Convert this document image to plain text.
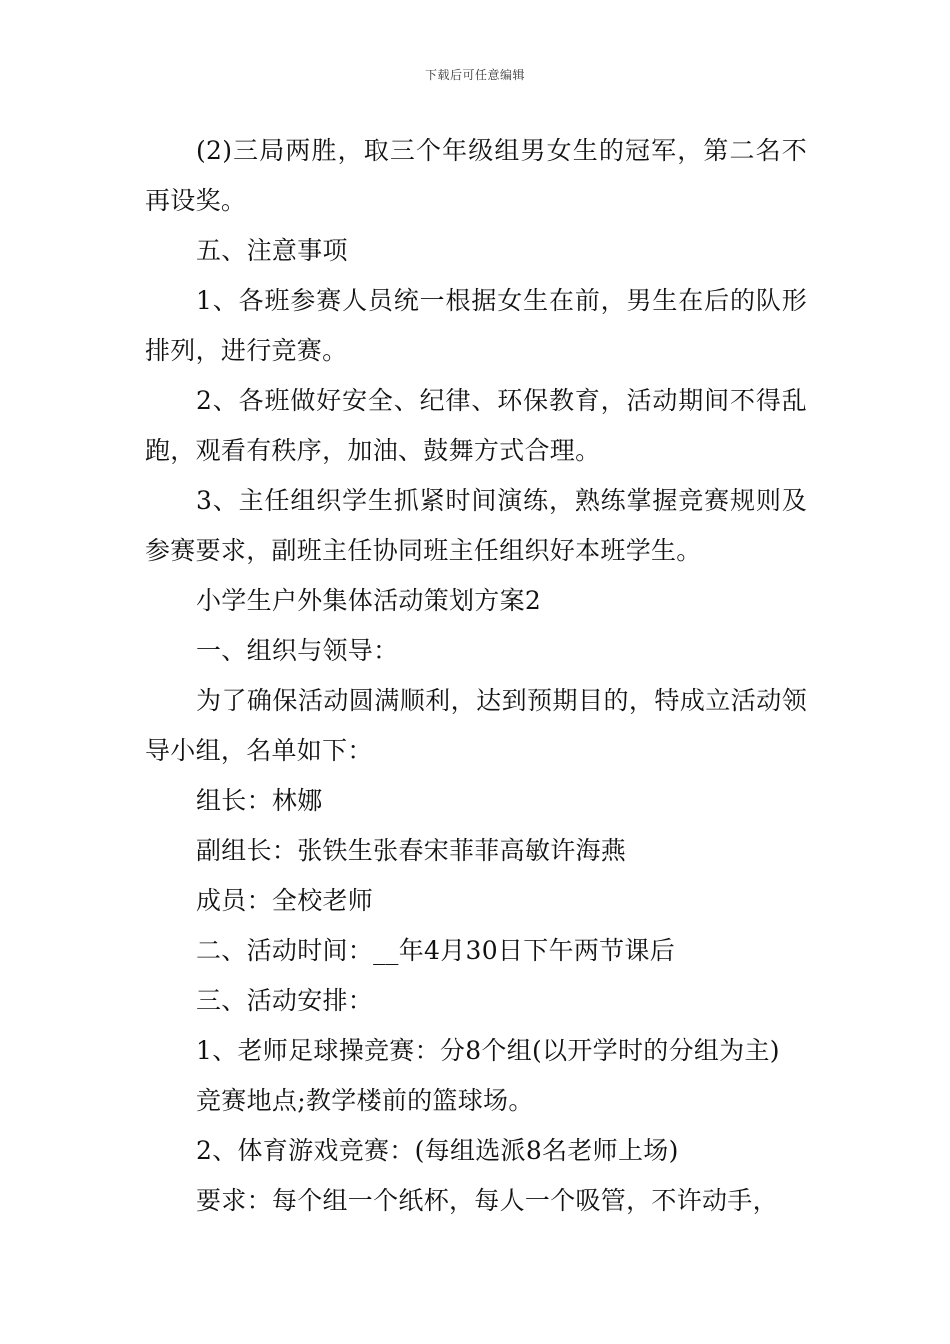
下载后可任意编辑

(2)三局两胜，取三个年级组男女生的冠军，第二名不再设奖。

五、注意事项

1、各班参赛人员统一根据女生在前，男生在后的队形排列，进行竞赛。

2、各班做好安全、纪律、环保教育，活动期间不得乱跑，观看有秩序，加油、鼓舞方式合理。

3、主任组织学生抓紧时间演练，熟练掌握竞赛规则及参赛要求，副班主任协同班主任组织好本班学生。

小学生户外集体活动策划方案2

一、组织与领导：

为了确保活动圆满顺利，达到预期目的，特成立活动领导小组，名单如下：

组长：林娜

副组长：张铁生张春宋菲菲高敏许海燕

成员：全校老师

二、活动时间：__年4月30日下午两节课后

三、活动安排：

1、老师足球操竞赛：分8个组(以开学时的分组为主)

竞赛地点;教学楼前的篮球场。

2、体育游戏竞赛：(每组选派8名老师上场)

要求：每个组一个纸杯，每人一个吸管，不许动手，
